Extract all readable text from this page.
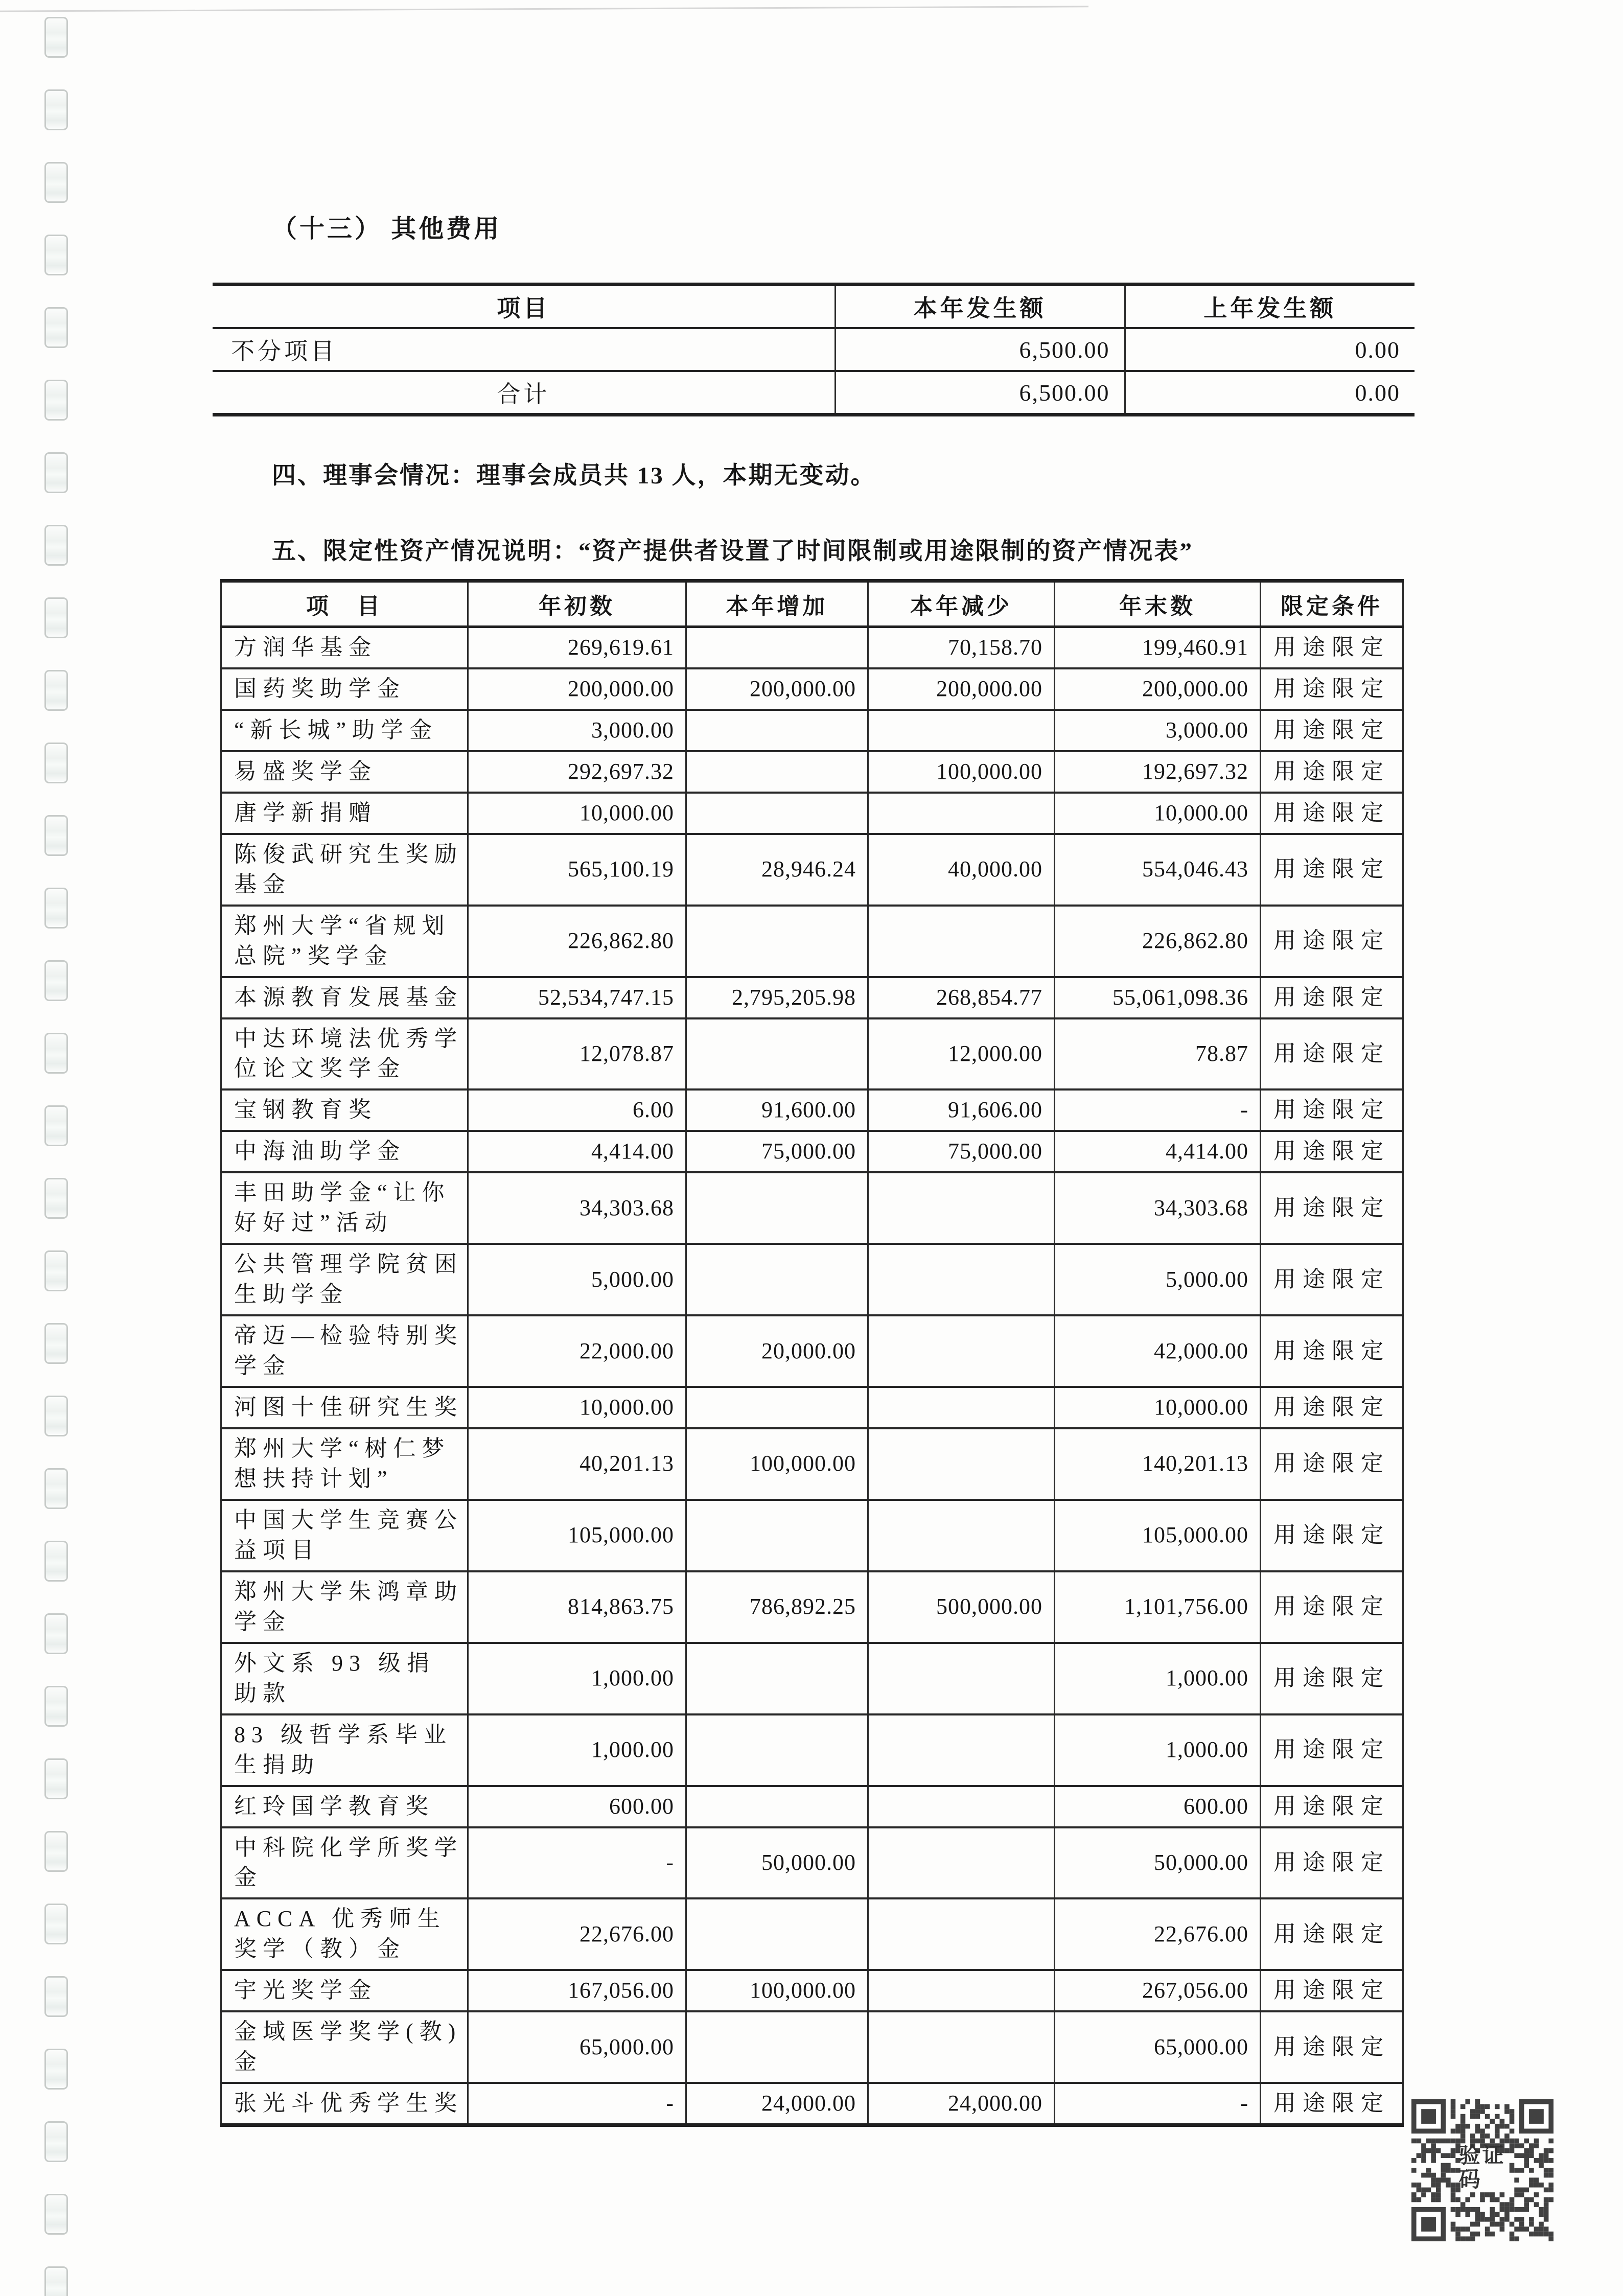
（十三） 其他费用
项目	本年发生额	上年发生额
不分项目	6,500.00	0.00
合计	6,500.00	0.00

四、理事会情况：理事会成员共 13 人，本期无变动。

五、限定性资产情况说明：“资产提供者设置了时间限制或用途限制的资产情况表”

项　目	年初数	本年增加	本年减少	年末数	限定条件
方润华基金	269,619.61		70,158.70	199,460.91	用途限定
国药奖助学金	200,000.00	200,000.00	200,000.00	200,000.00	用途限定
“新长城”助学金	3,000.00			3,000.00	用途限定
易盛奖学金	292,697.32		100,000.00	192,697.32	用途限定
唐学新捐赠	10,000.00			10,000.00	用途限定
陈俊武研究生奖励基金	565,100.19	28,946.24	40,000.00	554,046.43	用途限定
郑州大学“省规划总院”奖学金	226,862.80			226,862.80	用途限定
本源教育发展基金	52,534,747.15	2,795,205.98	268,854.77	55,061,098.36	用途限定
中达环境法优秀学位论文奖学金	12,078.87		12,000.00	78.87	用途限定
宝钢教育奖	6.00	91,600.00	91,606.00	-	用途限定
中海油助学金	4,414.00	75,000.00	75,000.00	4,414.00	用途限定
丰田助学金“让你好好过”活动	34,303.68			34,303.68	用途限定
公共管理学院贫困生助学金	5,000.00			5,000.00	用途限定
帝迈—检验特别奖学金	22,000.00	20,000.00		42,000.00	用途限定
河图十佳研究生奖	10,000.00			10,000.00	用途限定
郑州大学“树仁梦想扶持计划”	40,201.13	100,000.00		140,201.13	用途限定
中国大学生竞赛公益项目	105,000.00			105,000.00	用途限定
郑州大学朱鸿章助学金	814,863.75	786,892.25	500,000.00	1,101,756.00	用途限定
外文系 93 级捐助款	1,000.00			1,000.00	用途限定
83 级哲学系毕业生捐助	1,000.00			1,000.00	用途限定
红玲国学教育奖	600.00			600.00	用途限定
中科院化学所奖学金	-	50,000.00		50,000.00	用途限定
ACCA 优秀师生奖学（教）金	22,676.00			22,676.00	用途限定
宇光奖学金	167,056.00	100,000.00		267,056.00	用途限定
金域医学奖学(教)金	65,000.00			65,000.00	用途限定
张光斗优秀学生奖	-	24,000.00	24,000.00	-	用途限定
验证码
